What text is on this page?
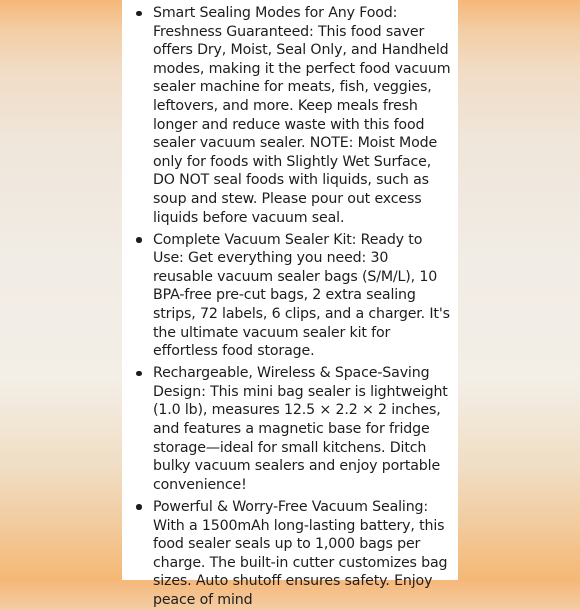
Smart Sealing Modes for Any Food: Freshness Guaranteed: This food saver offers Dry, Moist, Seal Only, and Handheld modes, making it the perfect food vacuum sealer machine for meats, fish, veggies, leftovers, and more. Keep meals fresh longer and reduce waste with this food sealer vacuum sealer. NOTE: Moist Mode only for foods with Slightly Wet Surface, DO NOT seal foods with liquids, such as soup and stew. Please pour out excess liquids before vacuum seal.
Complete Vacuum Sealer Kit: Ready to Use: Get everything you need: 30 reusable vacuum sealer bags (S/M/L), 10 BPA-free pre-cut bags, 2 extra sealing strips, 72 labels, 6 clips, and a charger. It's the ultimate vacuum sealer kit for effortless food storage.
Rechargeable, Wireless & Space-Saving Design: This mini bag sealer is lightweight (1.0 lb), measures 12.5 × 2.2 × 2 inches, and features a magnetic base for fridge storage—ideal for small kitchens. Ditch bulky vacuum sealers and enjoy portable convenience!
Powerful & Worry-Free Vacuum Sealing: With a 1500mAh long-lasting battery, this food sealer seals up to 1,000 bags per charge. The built-in cutter customizes bag sizes. Auto shutoff ensures safety. Enjoy peace of mind
